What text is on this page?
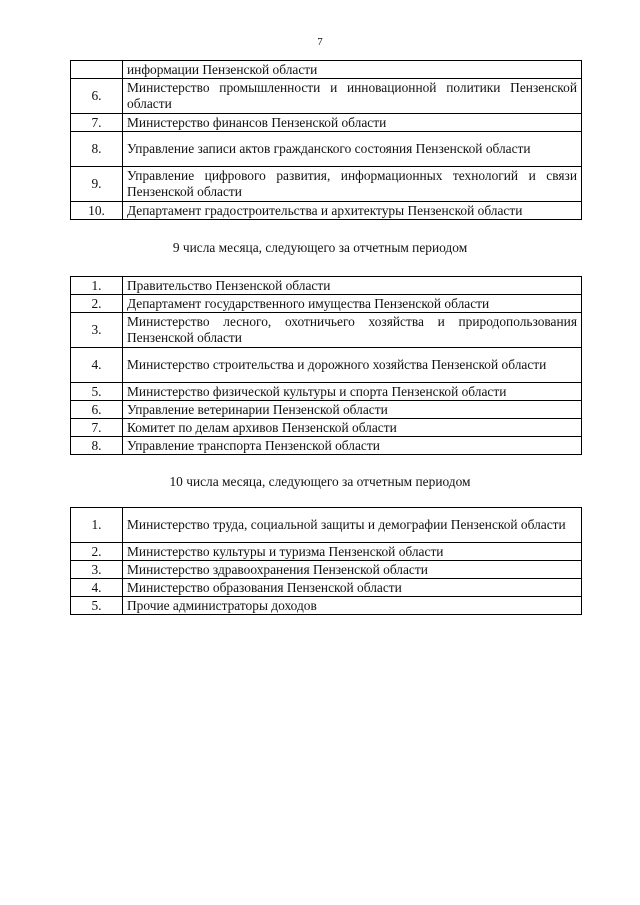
7
	информации Пензенской области
6.	Министерство промышленности и инновационной политики Пензенской области
7.	Министерство финансов Пензенской области
8.	Управление записи актов гражданского состояния Пензенской области
9.	Управление цифрового развития, информационных технологий и связи Пензенской области
10.	Департамент градостроительства и архитектуры Пензенской области
9 числа месяца, следующего за отчетным периодом
1.	Правительство Пензенской области
2.	Департамент государственного имущества Пензенской области
3.	Министерство лесного, охотничьего хозяйства и природопользования Пензенской области
4.	Министерство строительства и дорожного хозяйства Пензенской области
5.	Министерство физической культуры и спорта Пензенской области
6.	Управление ветеринарии Пензенской области
7.	Комитет по делам архивов Пензенской области
8.	Управление транспорта Пензенской области
10 числа месяца, следующего за отчетным периодом
1.	Министерство труда, социальной защиты и демографии Пензенской области
2.	Министерство культуры и туризма Пензенской области
3.	Министерство здравоохранения Пензенской области
4.	Министерство образования Пензенской области
5.	Прочие администраторы доходов
